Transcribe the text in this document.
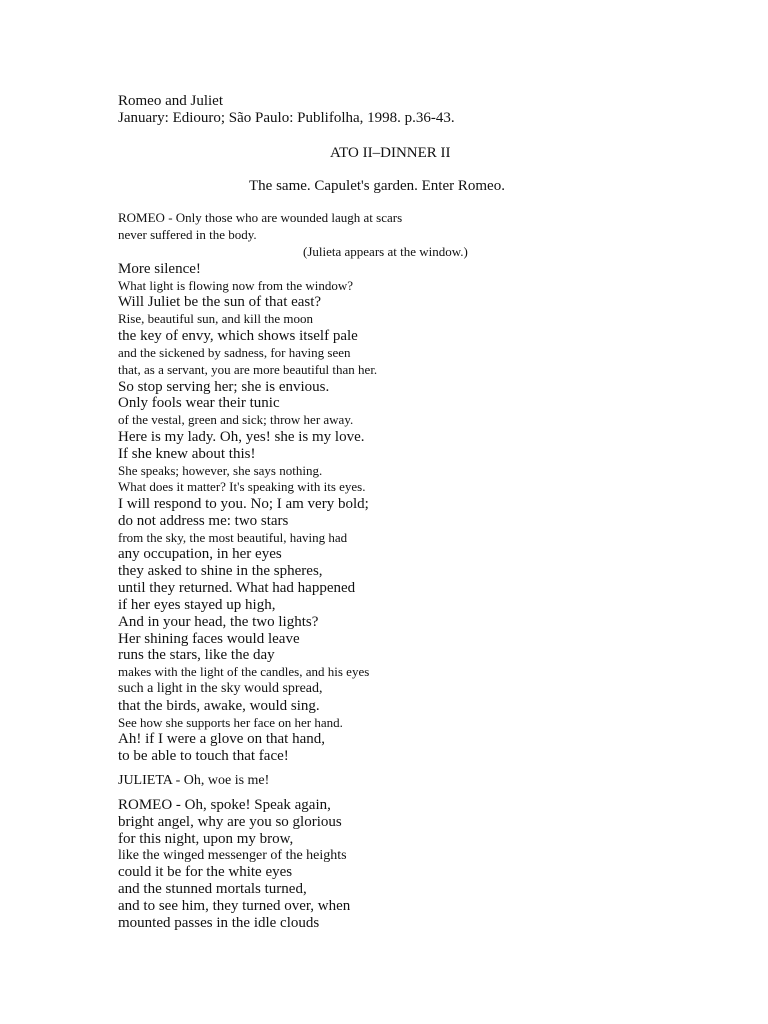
Romeo and Juliet
January: Ediouro; São Paulo: Publifolha, 1998. p.36-43.
ATO II–DINNER II
The same. Capulet's garden. Enter Romeo.
ROMEO - Only those who are wounded laugh at scars
never suffered in the body.
(Julieta appears at the window.)
More silence!
What light is flowing now from the window?
Will Juliet be the sun of that east?
Rise, beautiful sun, and kill the moon
the key of envy, which shows itself pale
and the sickened by sadness, for having seen
that, as a servant, you are more beautiful than her.
So stop serving her; she is envious.
Only fools wear their tunic
of the vestal, green and sick; throw her away.
Here is my lady. Oh, yes! she is my love.
If she knew about this!
She speaks; however, she says nothing.
What does it matter? It's speaking with its eyes.
I will respond to you. No; I am very bold;
do not address me: two stars
from the sky, the most beautiful, having had
any occupation, in her eyes
they asked to shine in the spheres,
until they returned. What had happened
if her eyes stayed up high,
And in your head, the two lights?
Her shining faces would leave
runs the stars, like the day
makes with the light of the candles, and his eyes
such a light in the sky would spread,
that the birds, awake, would sing.
See how she supports her face on her hand.
Ah! if I were a glove on that hand,
to be able to touch that face!
JULIETA - Oh, woe is me!
ROMEO - Oh, spoke! Speak again,
bright angel, why are you so glorious
for this night, upon my brow,
like the winged messenger of the heights
could it be for the white eyes
and the stunned mortals turned,
and to see him, they turned over, when
mounted passes in the idle clouds
